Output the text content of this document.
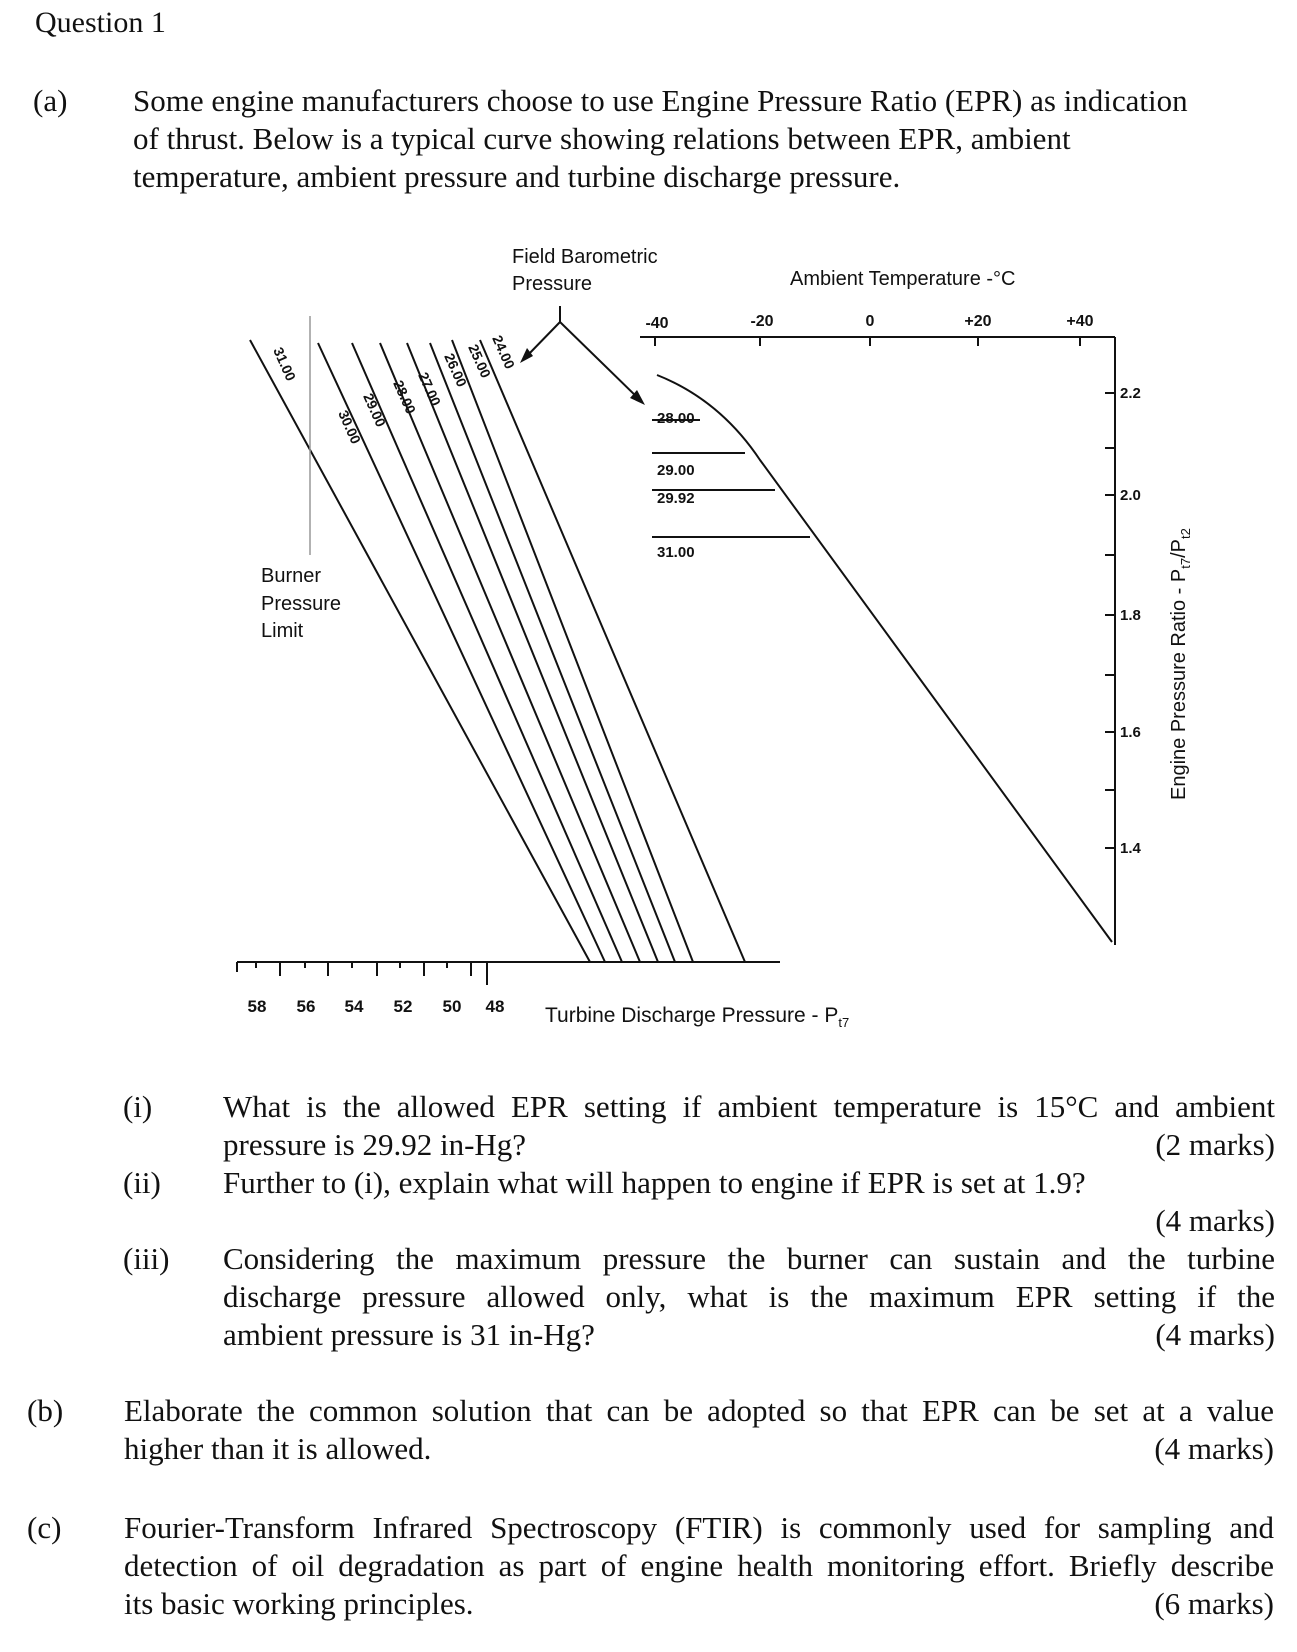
Question 1
(a) Some engine manufacturers choose to use Engine Pressure Ratio (EPR) as indication
of thrust. Below is a typical curve showing relations between EPR, ambient
temperature, ambient pressure and turbine discharge pressure.
Field Barometric
Pressure	Ambient Temperature -°C
-40	-20	0	+20	+40
2.2
2.0
1.8
1.6
1.4
Engine Pressure Ratio - $P_{t7}/P_{t2}$
Burner
Pressure
Limit
28.00
29.00
29.92
31.00
31.00
30.00
29.00 28.00
27.00
26.00
25.00
24.00
58 56 54 52 50 48 Turbine Discharge Pressure - $P_{t7}$
(i) What is the allowed EPR setting if ambient temperature is 15°C and ambient
pressure is 29.92 in-Hg?	(2 marks)
(ii) Further to (i), explain what will happen to engine if EPR is set at 1.9?
(4 marks)
(iii) Considering the maximum pressure the burner can sustain and the turbine
discharge pressure allowed only, what is the maximum EPR setting if the
ambient pressure is 31 in-Hg?	(4 marks)
(b) Elaborate the common solution that can be adopted so that EPR can be set at a value
higher than it is allowed.	(4 marks)
(c) Fourier-Transform Infrared Spectroscopy (FTIR) is commonly used for sampling and
detection of oil degradation as part of engine health monitoring effort. Briefly describe
its basic working principles.	(6 marks)
